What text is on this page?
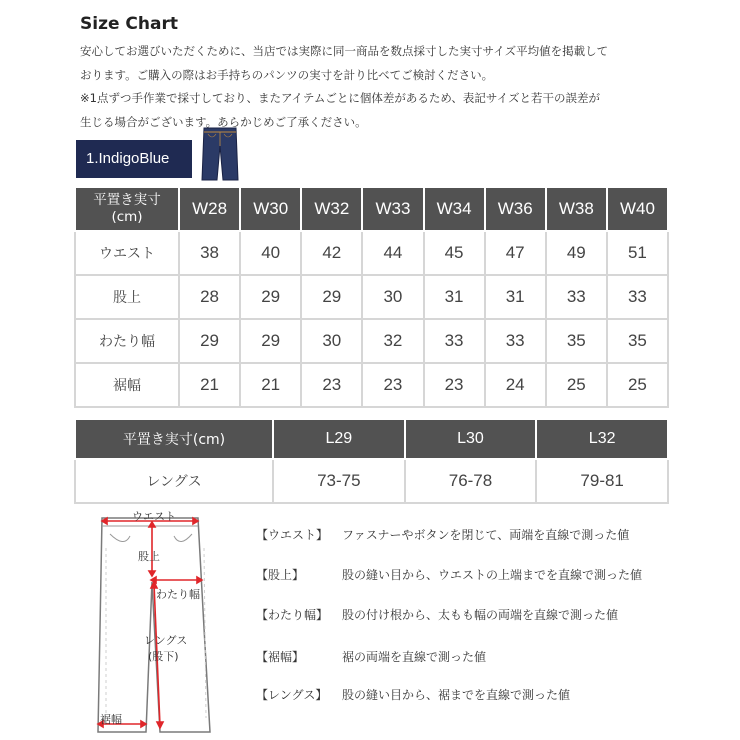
Size Chart
安心してお選びいただくために、当店では実際に同一商品を数点採寸した実寸サイズ平均値を掲載して
おります。ご購入の際はお手持ちのパンツの実寸を計り比べてご検討ください。
※1点ずつ手作業で採寸しており、またアイテムごとに個体差があるため、表記サイズと若干の誤差が
生じる場合がございます。あらかじめご了承ください。
1.IndigoBlue
平置き実寸
(cm)	W28	W30	W32	W33	W34	W36	W38	W40
ウエスト	38	40	42	44	45	47	49	51
股上	28	29	29	30	31	31	33	33
わたり幅	29	29	30	32	33	33	35	35
裾幅	21	21	23	23	23	24	25	25
平置き実寸(cm)	L29	L30	L32
レングス	73-75	76-78	79-81
ウエスト
股上
わたり幅
レングス
(股下)
裾幅
【ウエスト】 ファスナーやボタンを閉じて、両端を直線で測った値
【股上】	股の縫い目から、ウエストの上端までを直線で測った値
【わたり幅】 股の付け根から、太もも幅の両端を直線で測った値
【裾幅】	裾の両端を直線で測った値
【レングス】 股の縫い目から、裾までを直線で測った値
